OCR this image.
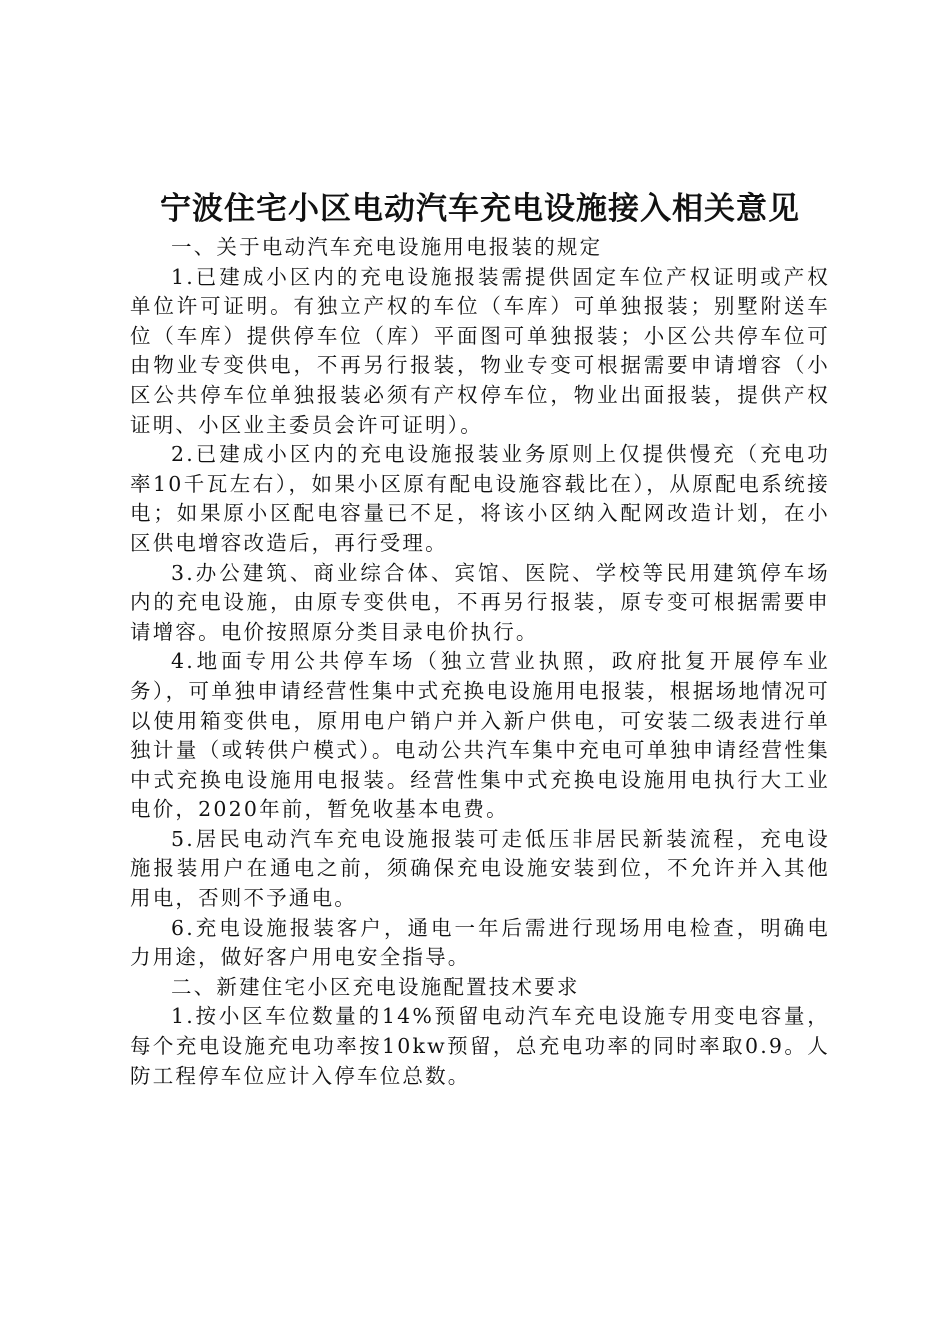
宁波住宅小区电动汽车充电设施接入相关意见

一、关于电动汽车充电设施用电报装的规定

1.已建成小区内的充电设施报装需提供固定车位产权证明或产权单位许可证明。有独立产权的车位（车库）可单独报装；别墅附送车位（车库）提供停车位（库）平面图可单独报装；小区公共停车位可由物业专变供电，不再另行报装，物业专变可根据需要申请增容（小区公共停车位单独报装必须有产权停车位，物业出面报装，提供产权证明、小区业主委员会许可证明）。

2.已建成小区内的充电设施报装业务原则上仅提供慢充（充电功率10千瓦左右），如果小区原有配电设施容载比在），从原配电系统接电；如果原小区配电容量已不足，将该小区纳入配网改造计划，在小区供电增容改造后，再行受理。

3.办公建筑、商业综合体、宾馆、医院、学校等民用建筑停车场内的充电设施，由原专变供电，不再另行报装，原专变可根据需要申请增容。电价按照原分类目录电价执行。

4.地面专用公共停车场（独立营业执照，政府批复开展停车业务），可单独申请经营性集中式充换电设施用电报装，根据场地情况可以使用箱变供电，原用电户销户并入新户供电，可安装二级表进行单独计量（或转供户模式）。电动公共汽车集中充电可单独申请经营性集中式充换电设施用电报装。经营性集中式充换电设施用电执行大工业电价，2020年前，暂免收基本电费。

5.居民电动汽车充电设施报装可走低压非居民新装流程，充电设施报装用户在通电之前，须确保充电设施安装到位，不允许并入其他用电，否则不予通电。

6.充电设施报装客户，通电一年后需进行现场用电检查，明确电力用途，做好客户用电安全指导。

二、新建住宅小区充电设施配置技术要求

1.按小区车位数量的14%预留电动汽车充电设施专用变电容量，每个充电设施充电功率按10kw预留，总充电功率的同时率取0.9。人防工程停车位应计入停车位总数。
